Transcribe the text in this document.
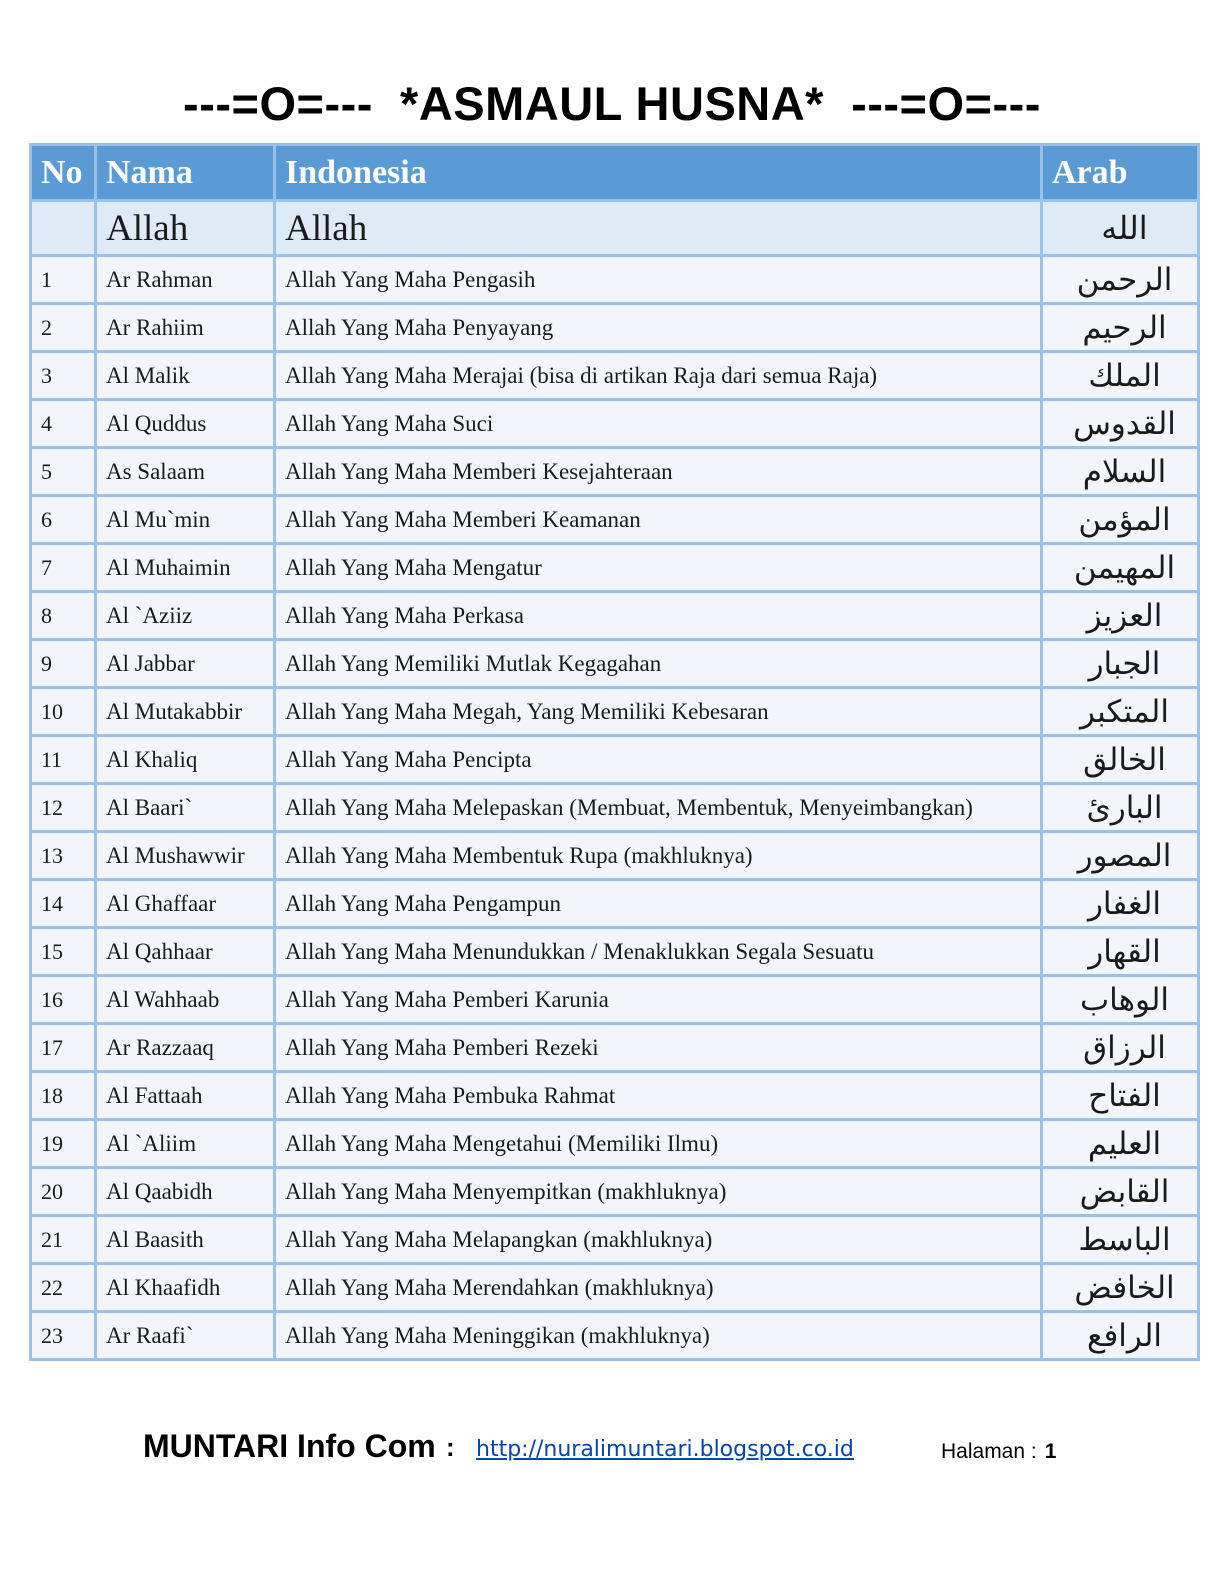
---=O=---  *ASMAUL HUSNA*  ---=O=---
No	Nama	Indonesia	Arab
	Allah	Allah	الله
1	Ar Rahman	Allah Yang Maha Pengasih	الرحمن
2	Ar Rahiim	Allah Yang Maha Penyayang	الرحيم
3	Al Malik	Allah Yang Maha Merajai (bisa di artikan Raja dari semua Raja)	الملك
4	Al Quddus	Allah Yang Maha Suci	القدوس
5	As Salaam	Allah Yang Maha Memberi Kesejahteraan	السلام
6	Al Mu`min	Allah Yang Maha Memberi Keamanan	المؤمن
7	Al Muhaimin	Allah Yang Maha Mengatur	المهيمن
8	Al `Aziiz	Allah Yang Maha Perkasa	العزيز
9	Al Jabbar	Allah Yang Memiliki Mutlak Kegagahan	الجبار
10	Al Mutakabbir	Allah Yang Maha Megah, Yang Memiliki Kebesaran	المتكبر
11	Al Khaliq	Allah Yang Maha Pencipta	الخالق
12	Al Baari`	Allah Yang Maha Melepaskan (Membuat, Membentuk, Menyeimbangkan)	البارئ
13	Al Mushawwir	Allah Yang Maha Membentuk Rupa (makhluknya)	المصور
14	Al Ghaffaar	Allah Yang Maha Pengampun	الغفار
15	Al Qahhaar	Allah Yang Maha Menundukkan / Menaklukkan Segala Sesuatu	القهار
16	Al Wahhaab	Allah Yang Maha Pemberi Karunia	الوهاب
17	Ar Razzaaq	Allah Yang Maha Pemberi Rezeki	الرزاق
18	Al Fattaah	Allah Yang Maha Pembuka Rahmat	الفتاح
19	Al `Aliim	Allah Yang Maha Mengetahui (Memiliki Ilmu)	العليم
20	Al Qaabidh	Allah Yang Maha Menyempitkan (makhluknya)	القابض
21	Al Baasith	Allah Yang Maha Melapangkan (makhluknya)	الباسط
22	Al Khaafidh	Allah Yang Maha Merendahkan (makhluknya)	الخافض
23	Ar Raafi`	Allah Yang Maha Meninggikan (makhluknya)	الرافع
MUNTARI Info Com : http://nuralimuntari.blogspot.co.id	Halaman : 1
